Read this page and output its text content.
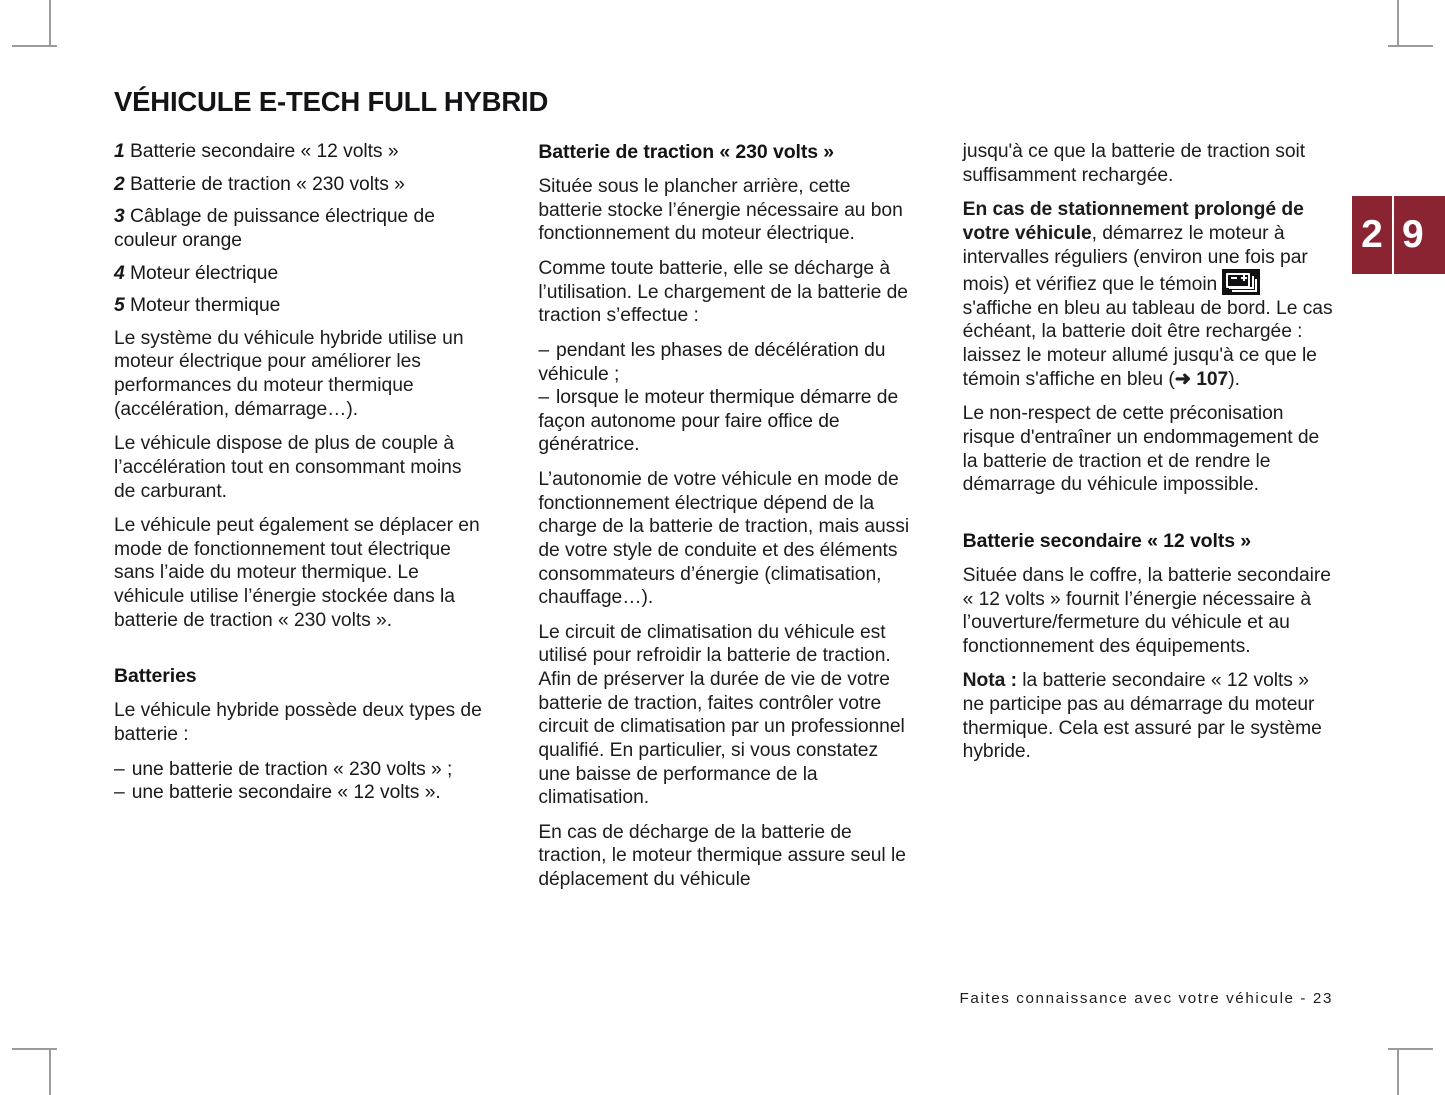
2 9
VÉHICULE E-TECH FULL HYBRID
1 Batterie secondaire « 12 volts »
2 Batterie de traction « 230 volts »
3 Câblage de puissance électrique de couleur orange
4 Moteur électrique
5 Moteur thermique

Le système du véhicule hybride utilise un moteur électrique pour améliorer les performances du moteur thermique (accélération, démarrage…).

Le véhicule dispose de plus de couple à l’accélération tout en consommant moins de carburant.

Le véhicule peut également se déplacer en mode de fonctionnement tout électrique sans l’aide du moteur thermique. Le véhicule utilise l’énergie stockée dans la batterie de traction « 230 volts ».

Batteries

Le véhicule hybride possède deux types de batterie :

– une batterie de traction « 230 volts » ;
– une batterie secondaire « 12 volts ».
Batterie de traction « 230 volts »

Située sous le plancher arrière, cette batterie stocke l’énergie nécessaire au bon fonctionnement du moteur électrique.

Comme toute batterie, elle se décharge à l’utilisation. Le chargement de la batterie de traction s’effectue :

– pendant les phases de décélération du véhicule ;
– lorsque le moteur thermique démarre de façon autonome pour faire office de génératrice.

L’autonomie de votre véhicule en mode de fonctionnement électrique dépend de la charge de la batterie de traction, mais aussi de votre style de conduite et des éléments consommateurs d’énergie (climatisation, chauffage…).

Le circuit de climatisation du véhicule est utilisé pour refroidir la batterie de traction. Afin de préserver la durée de vie de votre batterie de traction, faites contrôler votre circuit de climatisation par un professionnel qualifié. En particulier, si vous constatez une baisse de performance de la climatisation.

En cas de décharge de la batterie de traction, le moteur thermique assure seul le déplacement du véhicule

jusqu'à ce que la batterie de traction soit suffisamment rechargée.

En cas de stationnement prolongé de votre véhicule, démarrez le moteur à intervalles réguliers (environ une fois par mois) et vérifiez que le témoin
s'affiche en bleu au tableau de bord. Le cas échéant, la batterie doit être rechargée : laissez le moteur allumé jusqu'à ce que le témoin s'affiche en bleu (➜ 107).

Le non-respect de cette préconisation risque d'entraîner un endommagement de la batterie de traction et de rendre le démarrage du véhicule impossible.

Batterie secondaire « 12 volts »

Située dans le coffre, la batterie secondaire « 12 volts » fournit l’énergie nécessaire à l’ouverture/fermeture du véhicule et au fonctionnement des équipements.

Nota : la batterie secondaire « 12 volts » ne participe pas au démarrage du moteur thermique. Cela est assuré par le système hybride.

Faites connaissance avec votre véhicule - 23
